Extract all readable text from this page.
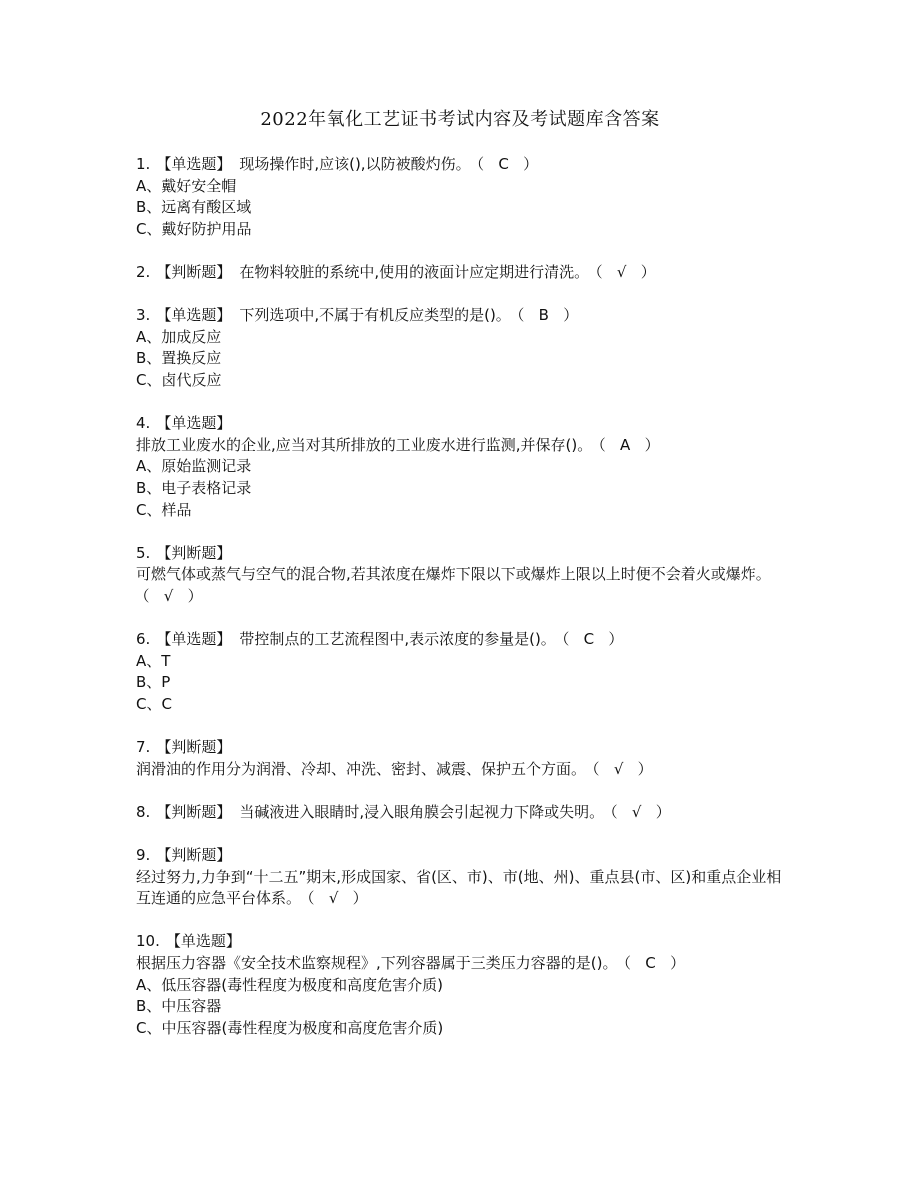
2022年氧化工艺证书考试内容及考试题库含答案
1. 【单选题】 现场操作时,应该(),以防被酸灼伤。 （   C   ）
A、戴好安全帽
B、远离有酸区域
C、戴好防护用品
2. 【判断题】 在物料较脏的系统中,使用的液面计应定期进行清洗。 （   √   ）
3. 【单选题】 下列选项中,不属于有机反应类型的是()。 （   B   ）
A、加成反应
B、置换反应
C、卤代反应
4. 【单选题】
排放工业废水的企业,应当对其所排放的工业废水进行监测,并保存()。 （   A   ）
A、原始监测记录
B、电子表格记录
C、样品
5. 【判断题】
可燃气体或蒸气与空气的混合物,若其浓度在爆炸下限以下或爆炸上限以上时便不会着火或爆炸。（   √   ）
6. 【单选题】 带控制点的工艺流程图中,表示浓度的参量是()。 （   C   ）
A、T
B、P
C、C
7. 【判断题】
润滑油的作用分为润滑、冷却、冲洗、密封、减震、保护五个方面。 （   √   ）
8. 【判断题】 当碱液进入眼睛时,浸入眼角膜会引起视力下降或失明。 （   √   ）
9. 【判断题】
经过努力,力争到“十二五”期末,形成国家、省(区、市)、市(地、州)、重点县(市、区)和重点企业相互连通的应急平台体系。 （   √   ）
10. 【单选题】
根据压力容器《安全技术监察规程》,下列容器属于三类压力容器的是()。 （   C   ）
A、低压容器(毒性程度为极度和高度危害介质)
B、中压容器
C、中压容器(毒性程度为极度和高度危害介质)
